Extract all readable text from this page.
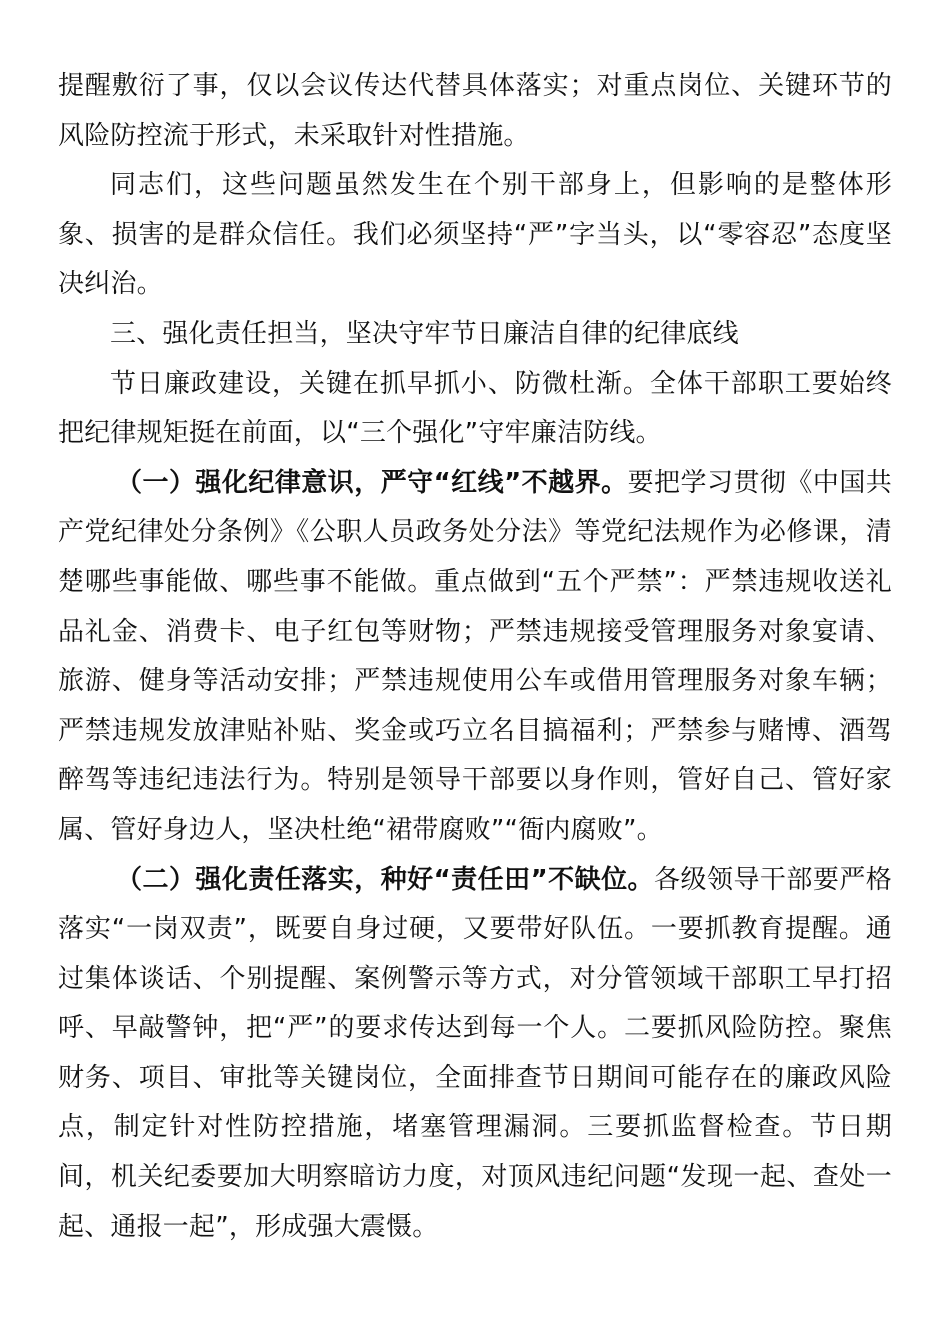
提醒敷衍了事，仅以会议传达代替具体落实；对重点岗位、关键环节的风险防控流于形式，未采取针对性措施。

同志们，这些问题虽然发生在个别干部身上，但影响的是整体形象、损害的是群众信任。我们必须坚持“严”字当头，以“零容忍”态度坚决纠治。

三、强化责任担当，坚决守牢节日廉洁自律的纪律底线

节日廉政建设，关键在抓早抓小、防微杜渐。全体干部职工要始终把纪律规矩挺在前面，以“三个强化”守牢廉洁防线。

（一）强化纪律意识，严守“红线”不越界。要把学习贯彻《中国共产党纪律处分条例》《公职人员政务处分法》等党纪法规作为必修课，清楚哪些事能做、哪些事不能做。重点做到“五个严禁”：严禁违规收送礼品礼金、消费卡、电子红包等财物；严禁违规接受管理服务对象宴请、旅游、健身等活动安排；严禁违规使用公车或借用管理服务对象车辆；严禁违规发放津贴补贴、奖金或巧立名目搞福利；严禁参与赌博、酒驾醉驾等违纪违法行为。特别是领导干部要以身作则，管好自己、管好家属、管好身边人，坚决杜绝“裙带腐败”“衙内腐败”。

（二）强化责任落实，种好“责任田”不缺位。各级领导干部要严格落实“一岗双责”，既要自身过硬，又要带好队伍。一要抓教育提醒。通过集体谈话、个别提醒、案例警示等方式，对分管领域干部职工早打招呼、早敲警钟，把“严”的要求传达到每一个人。二要抓风险防控。聚焦财务、项目、审批等关键岗位，全面排查节日期间可能存在的廉政风险点，制定针对性防控措施，堵塞管理漏洞。三要抓监督检查。节日期间，机关纪委要加大明察暗访力度，对顶风违纪问题“发现一起、查处一起、通报一起”，形成强大震慑。
